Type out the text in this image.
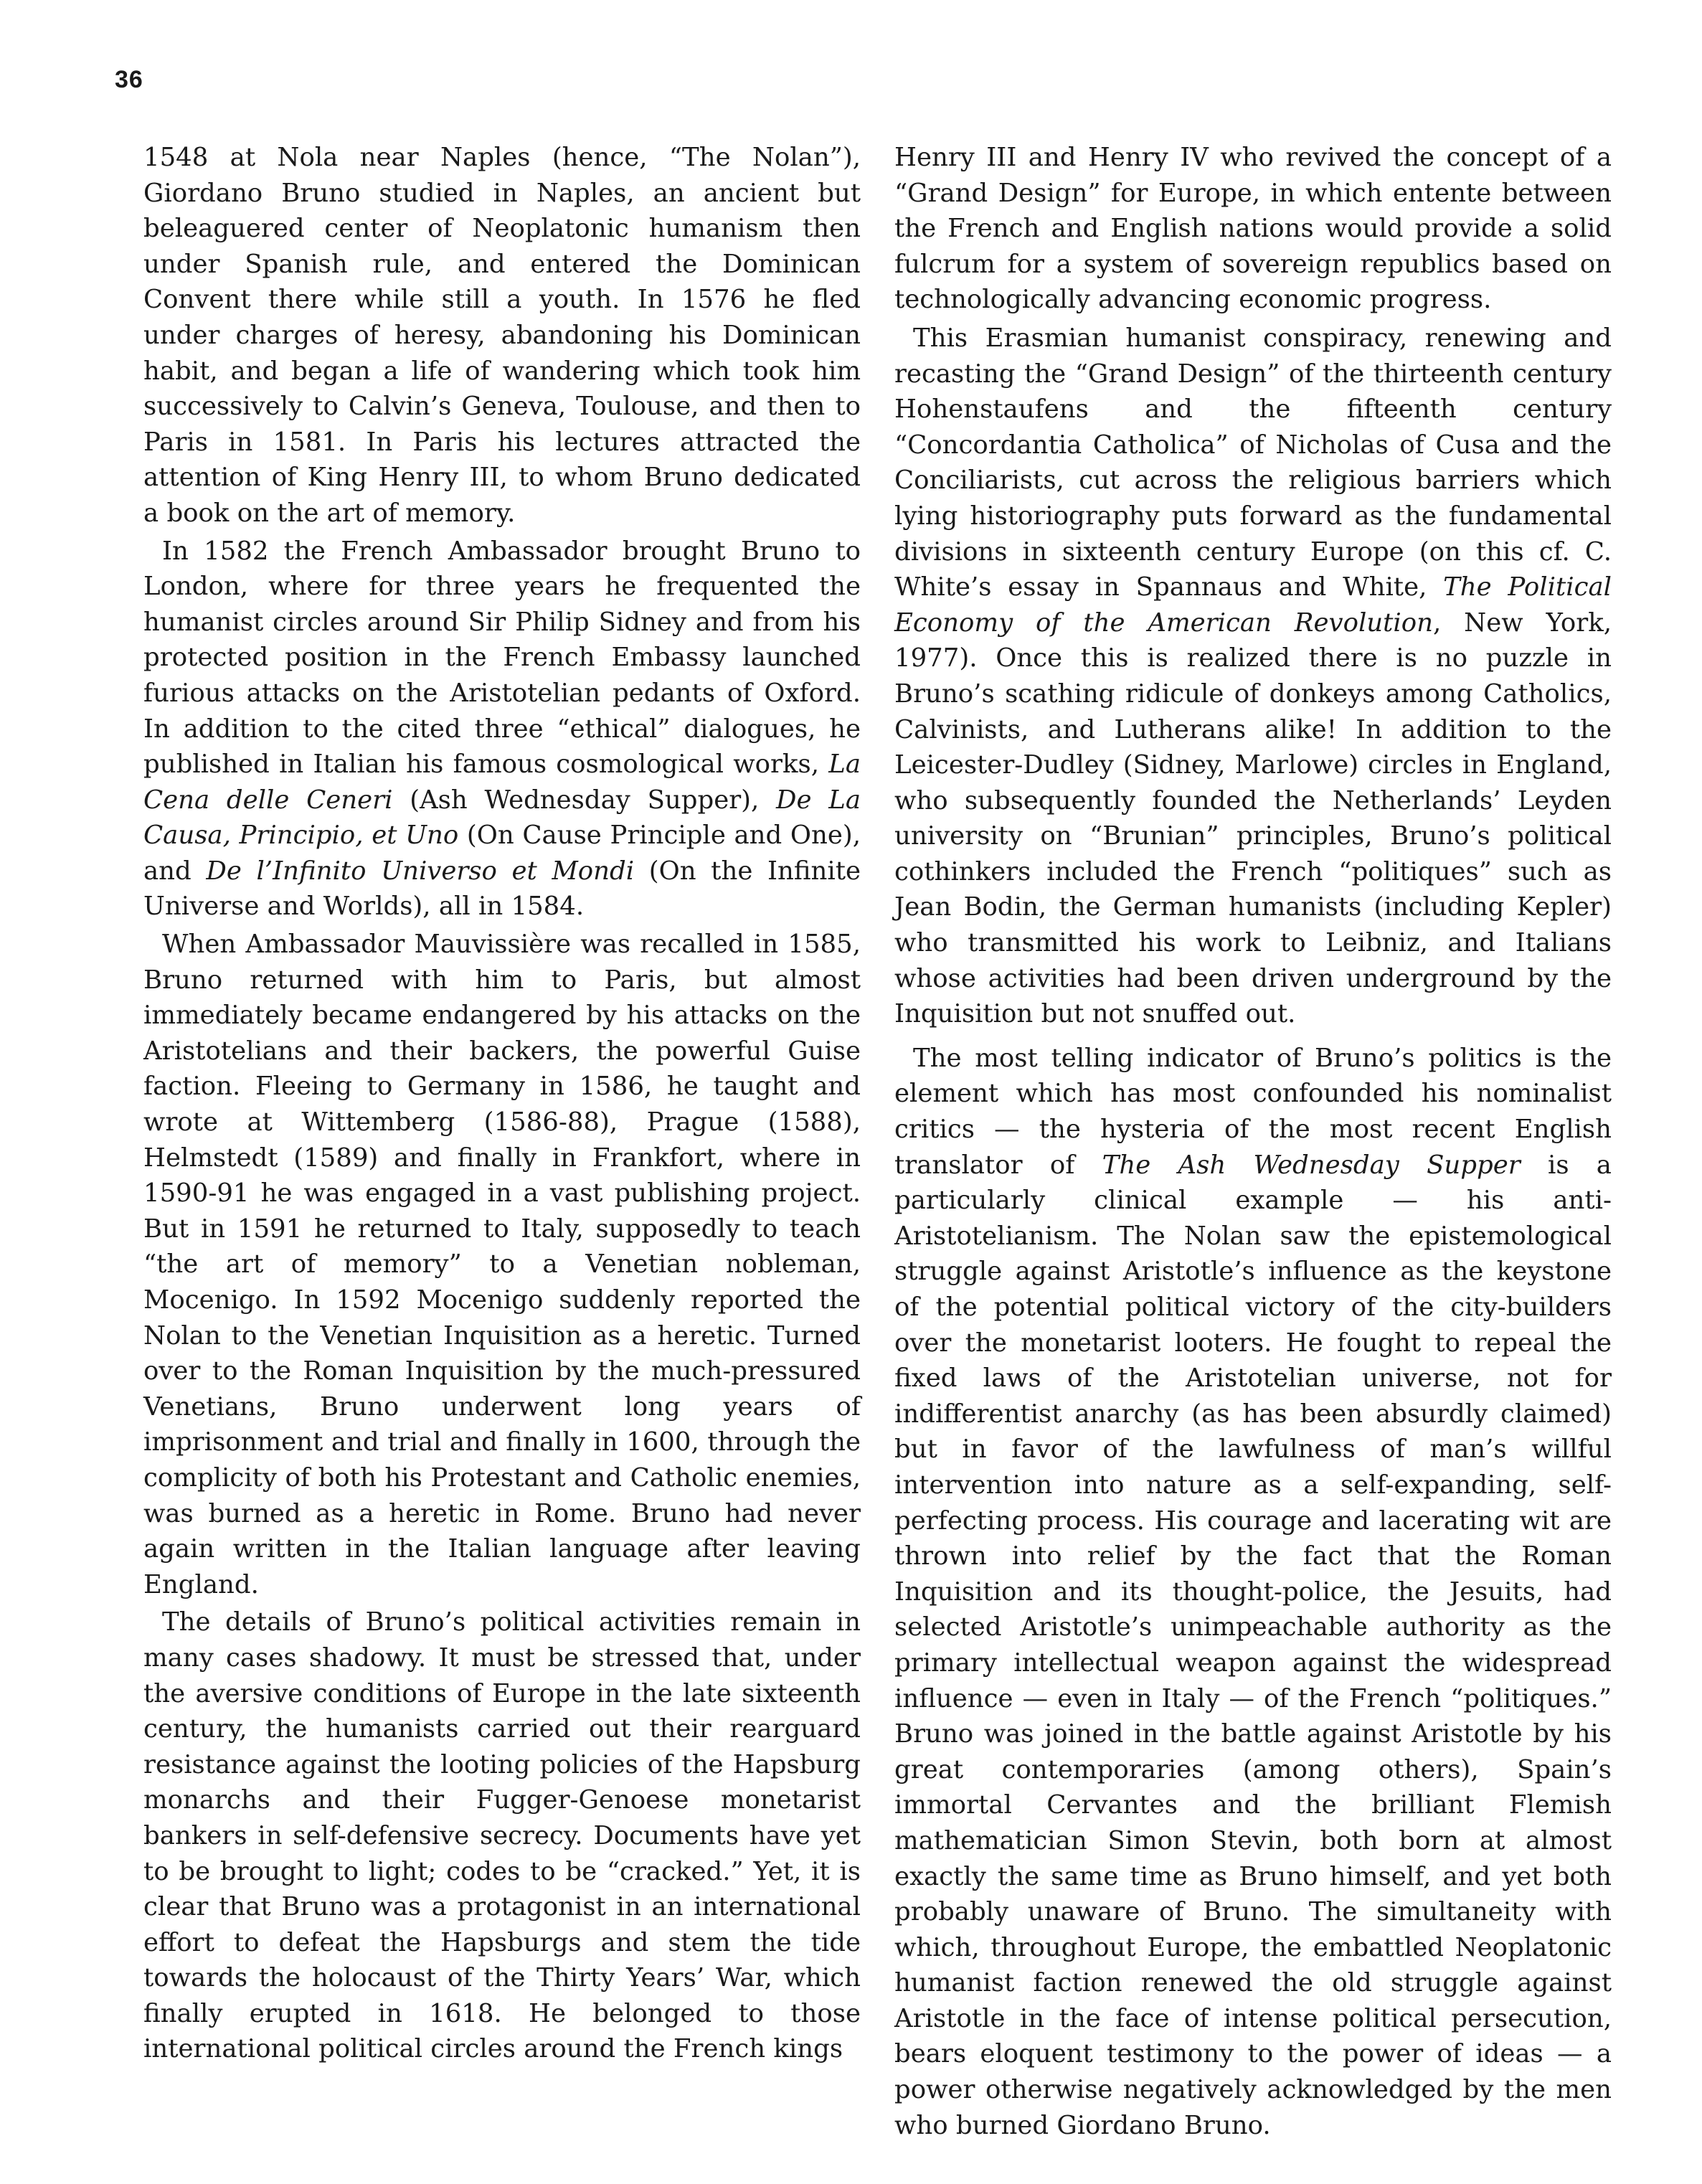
36

1548 at Nola near Naples (hence, “The Nolan”), Giordano Bruno studied in Naples, an ancient but beleaguered center of Neoplatonic humanism then under Spanish rule, and entered the Dominican Convent there while still a youth. In 1576 he fled under charges of heresy, abandoning his Dominican habit, and began a life of wandering which took him successively to Calvin’s Geneva, Toulouse, and then to Paris in 1581. In Paris his lectures attracted the attention of King Henry III, to whom Bruno dedicated a book on the art of memory.

In 1582 the French Ambassador brought Bruno to London, where for three years he frequented the humanist circles around Sir Philip Sidney and from his protected position in the French Embassy launched furious attacks on the Aristotelian pedants of Oxford. In addition to the cited three “ethical” dialogues, he published in Italian his famous cosmological works, La Cena delle Ceneri (Ash Wednesday Supper), De La Causa, Principio, et Uno (On Cause Principle and One), and De l’Infinito Universo et Mondi (On the Infinite Universe and Worlds), all in 1584.

When Ambassador Mauvissière was recalled in 1585, Bruno returned with him to Paris, but almost immediately became endangered by his attacks on the Aristotelians and their backers, the powerful Guise faction. Fleeing to Germany in 1586, he taught and wrote at Wittemberg (1586-88), Prague (1588), Helmstedt (1589) and finally in Frankfort, where in 1590-91 he was engaged in a vast publishing project. But in 1591 he returned to Italy, supposedly to teach “the art of memory” to a Venetian nobleman, Mocenigo. In 1592 Mocenigo suddenly reported the Nolan to the Venetian Inquisition as a heretic. Turned over to the Roman Inquisition by the much-pressured Venetians, Bruno underwent long years of imprisonment and trial and finally in 1600, through the complicity of both his Protestant and Catholic enemies, was burned as a heretic in Rome. Bruno had never again written in the Italian language after leaving England.

The details of Bruno’s political activities remain in many cases shadowy. It must be stressed that, under the aversive conditions of Europe in the late sixteenth century, the humanists carried out their rearguard resistance against the looting policies of the Hapsburg monarchs and their Fugger-Genoese monetarist bankers in self-defensive secrecy. Documents have yet to be brought to light; codes to be “cracked.” Yet, it is clear that Bruno was a protagonist in an international effort to defeat the Hapsburgs and stem the tide towards the holocaust of the Thirty Years’ War, which finally erupted in 1618. He belonged to those international political circles around the French kings

Henry III and Henry IV who revived the concept of a “Grand Design” for Europe, in which entente between the French and English nations would provide a solid fulcrum for a system of sovereign republics based on technologically advancing economic progress.

This Erasmian humanist conspiracy, renewing and recasting the “Grand Design” of the thirteenth century Hohenstaufens and the fifteenth century “Concordantia Catholica” of Nicholas of Cusa and the Conciliarists, cut across the religious barriers which lying historiography puts forward as the fundamental divisions in sixteenth century Europe (on this cf. C. White’s essay in Spannaus and White, The Political Economy of the American Revolution, New York, 1977). Once this is realized there is no puzzle in Bruno’s scathing ridicule of donkeys among Catholics, Calvinists, and Lutherans alike! In addition to the Leicester-Dudley (Sidney, Marlowe) circles in England, who subsequently founded the Netherlands’ Leyden university on “Brunian” principles, Bruno’s political cothinkers included the French “politiques” such as Jean Bodin, the German humanists (including Kepler) who transmitted his work to Leibniz, and Italians whose activities had been driven underground by the Inquisition but not snuffed out.

The most telling indicator of Bruno’s politics is the element which has most confounded his nominalist critics — the hysteria of the most recent English translator of The Ash Wednesday Supper is a particularly clinical example — his anti-Aristotelianism. The Nolan saw the epistemological struggle against Aristotle’s influence as the keystone of the potential political victory of the city-builders over the monetarist looters. He fought to repeal the fixed laws of the Aristotelian universe, not for indifferentist anarchy (as has been absurdly claimed) but in favor of the lawfulness of man’s willful intervention into nature as a self-expanding, self-perfecting process. His courage and lacerating wit are thrown into relief by the fact that the Roman Inquisition and its thought-police, the Jesuits, had selected Aristotle’s unimpeachable authority as the primary intellectual weapon against the widespread influence — even in Italy — of the French “politiques.” Bruno was joined in the battle against Aristotle by his great contemporaries (among others), Spain’s immortal Cervantes and the brilliant Flemish mathematician Simon Stevin, both born at almost exactly the same time as Bruno himself, and yet both probably unaware of Bruno. The simultaneity with which, throughout Europe, the embattled Neoplatonic humanist faction renewed the old struggle against Aristotle in the face of intense political persecution, bears eloquent testimony to the power of ideas — a power otherwise negatively acknowledged by the men who burned Giordano Bruno.
